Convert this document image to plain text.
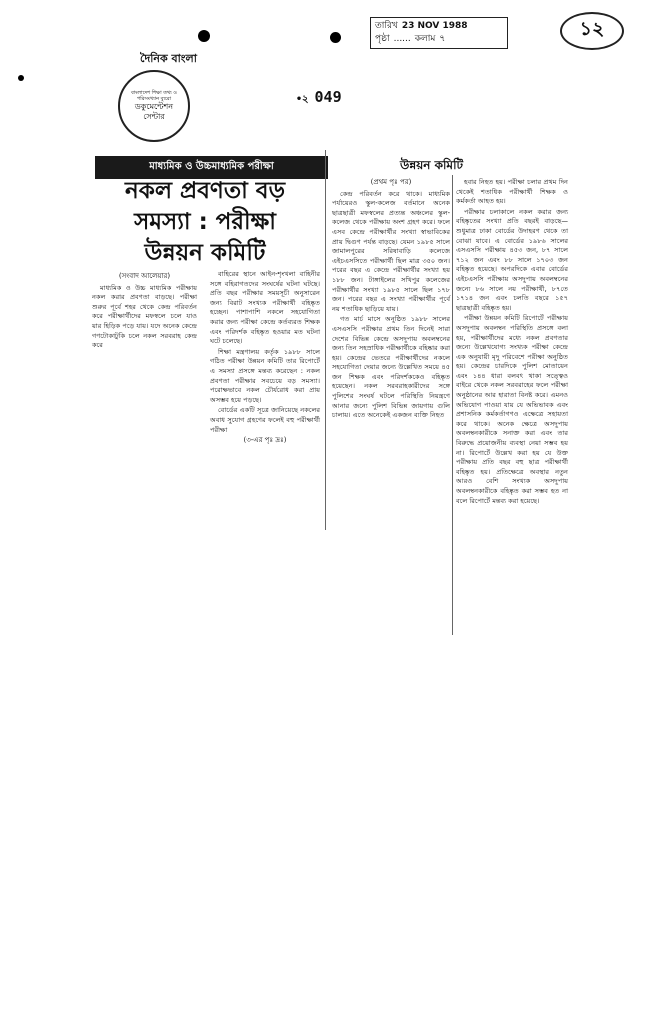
তারিখ 23 NOV 1988
পৃষ্ঠা ...... কলাম ৭	১২
দৈনিক বাংলা
বাংলাদেশ শিক্ষা তথ্য ও পরিসংখ্যান ব্যুরো
ডকুমেন্টেশন
সেন্টার
•২ 049
মাধ্যমিক ও উচ্চমাধ্যমিক পরীক্ষা
নকল প্রবণতা বড়
সমস্যা : পরীক্ষা
উন্নয়ন কমিটি
(সংবাদ আলেয়ার)

মাধ্যমিক ও উচ্চ মাধ্যমিক পরীক্ষায় নকল করার প্রবণতা বাড়ছে। পরীক্ষা শুরুর পূর্বে শহর থেকে কেন্দ্র পরিবর্তন করে পরীক্ষার্থীদের মফস্বলে চলে যাও য়ার হিড়িক পড়ে যায়। যদে অনেক কেন্দ্রে গণটোকাটুকি চলে নকল সরবরাহ কেন্দ্র করে

বাহিরের স্থানে আইন-শৃংখলা বাহিনীর সঙ্গে বহিরাগতদের সংঘর্ষের ঘটনা ঘটছে। প্রতি বছর পরীক্ষার সময়সূচী অনুসারেন জন্য বিরাট সংখ্যক পরীক্ষার্থী বহিষ্কৃত হচ্ছেন। পাশাপাশি নকলে সহযোগিতা করার জন্য পরীক্ষা কেন্দ্রে কর্তব্যরত শিক্ষক এবং পরিদর্শক বহিষ্কৃত হওয়ার মত ঘটনা ঘটে চলেছে।

শিক্ষা মন্ত্রণালয় কর্তৃক ১৯৮৮ সালে গঠিত পরীক্ষা উন্নয়ন কমিটি তার রিপোর্টে এ সমস্যা প্রসঙ্গে মন্তব্য করেছেন : নকল প্রবণতা পরীক্ষার সবচেয়ে বড় সমস্যা। পরোক্ষভাবে নকল চৌর্যরোধ করা প্রায় অসম্ভব হয়ে পড়ছে।

বোর্ডের একটি সূত্রে জানিয়েছে নকলের অবাধ সুযোগ গ্রহণের ফলেই বহু পরীক্ষার্থী পরীক্ষা

(৩-এর পৃঃ দ্রঃ)
উন্নয়ন কমিটি
(প্রথম পৃঃ পর)

কেন্দ্র পরিবর্তন করে থাকে। মাধ্যমিক পর্যায়েরও স্কুল-কলেজ বর্তমানে অনেক ছাত্রছাত্রী মফস্বলের প্রত্যন্ত অঞ্চলের স্কুল-কলেজ থেকে পরীক্ষায় অংশ গ্রহণ করে। ফলে এসব কেন্দ্রে পরীক্ষার্থীর সংখ্যা স্বাভাবিকের প্রায় দ্বিগুণ পর্যন্ত বাড়ছে। যেমন ১৯৮৫ সালে জামালপুরের সরিষাবাড়ি কলেজে এইচএসসিতে পরীক্ষার্থী ছিল মাত্র ৩৫০ জন। পরের বছর এ কেন্দ্রে পরীক্ষার্থীর সংখ্যা হয় ১৮৮ জন। টাঙ্গাইলের সখিপুর কলেজের পরীক্ষার্থীর সংখ্যা ১৯৮৫ সালে ছিল ১৭৮ জন। পরের বছর এ সংখ্যা পরীক্ষার্থীর পূর্বে নয় শতাধিক ছাড়িয়ে যায়।

গত মার্চ মাসে অনুষ্ঠিত ১৯৮৮ সালের এসএসসি পরীক্ষার প্রথম তিন দিনেই সারা দেশের বিভিন্ন কেন্দ্রে অসদুপায় অবলম্বনের জন্য তিন সহস্রাধিক পরীক্ষার্থীকে বহিষ্কার করা হয়। কেন্দ্রের ভেতরে পরীক্ষার্থীদের নকলে সহযোগিতা দেয়ার জন্যে উল্লেখিত সময়ে ৪৫ জন শিক্ষক এবং পরিদর্শককেও বহিষ্কৃত হয়েছেন। নকল সরবরাহকারীদের সঙ্গে পুলিশের সংঘর্ষ ঘটলে পরিস্থিতি নিয়ন্ত্রণে আনার জন্যে পুলিশ বিভিন্ন জায়গায় গুলি চালায়। এতে অনেকেই একজন ব্যক্তি নিহত

হবার নিহত হয়। পরীক্ষা চলার প্রথম দিন থেকেই শতাধিক পরীক্ষার্থী শিক্ষক ও কর্মকর্তা আহত হয়।

পরীক্ষার চলাকালে নকল করার জন্য বহিষ্কৃতের সংখ্যা প্রতি বছরই বাড়ছে—শুধুমাত্র ঢাকা বোর্ডের উদাহরণ থেকে তা বোঝা যাবে। এ বোর্ডের ১৯৮৬ সালের এসএসসি পরীক্ষায় ৪৫৩ জন, ৮৭ সালে ৭১২ জন এবং ৮৮ সালে ১৭০৩ জন বহিষ্কৃত হয়েছে। অপরদিকে এবার বোর্ডের এইচএসসি পরীক্ষায় অসদুপায় অবলম্বনের জন্যে ৮৬ সালে নয় পরীক্ষার্থী, ৮৭তে ১৭১৪ জন এবং চলতি বছরে ১৫৭ ছাত্রছাত্রী বহিষ্কৃত হয়।

পরীক্ষা উন্নয়ন কমিটি রিপোর্টে পরীক্ষায় অসদুপায় অবলম্বন পরিস্থিতি প্রসঙ্গে বলা হয়, পরীক্ষার্থীদের মধ্যে নকল প্রবণতার জন্যে উল্লেখযোগ্য সংখ্যক পরীক্ষা কেন্দ্রে এক অনুযায়ী মৃদু পরিবেশে পরীক্ষা অনুষ্ঠিত হয়। কেন্দ্রের চারদিকে পুলিশ মোতায়েন এবং ১৪৪ ধারা বলবৎ থাকা সত্ত্বেও বাইরে থেকে নকল সরবরাহের ফলে পরীক্ষা অনুষ্ঠানের আর হারাতা বিনষ্ট করে। এমনও অভিযোগ পাওয়া যায় যে অভিভাবক এবং প্রশাসনিক কর্মকর্তাগণও এক্ষেত্রে সহায়তা করে থাকে। অনেক ক্ষেত্রে অসদুপায় অবলম্বনকারীকে সনাক্ত করা এবং তার বিরুদ্ধে প্রয়োজনীয় ব্যবস্থা নেয়া সম্ভব হয় না। রিপোর্টে উল্লেখ করা হয় যে উক্ত পরীক্ষায় প্রতি বছর বহু ছাত্র পরীক্ষার্থী বহিষ্কৃত হয়। প্রতিক্ষেত্রে অবস্থার নতুন আরও বেশি সংখ্যক অসদুপায় অবলম্বনকারীকে বহিষ্কৃত করা সম্ভব হত না বলে রিপোর্টে মন্তব্য করা হয়েছে।
